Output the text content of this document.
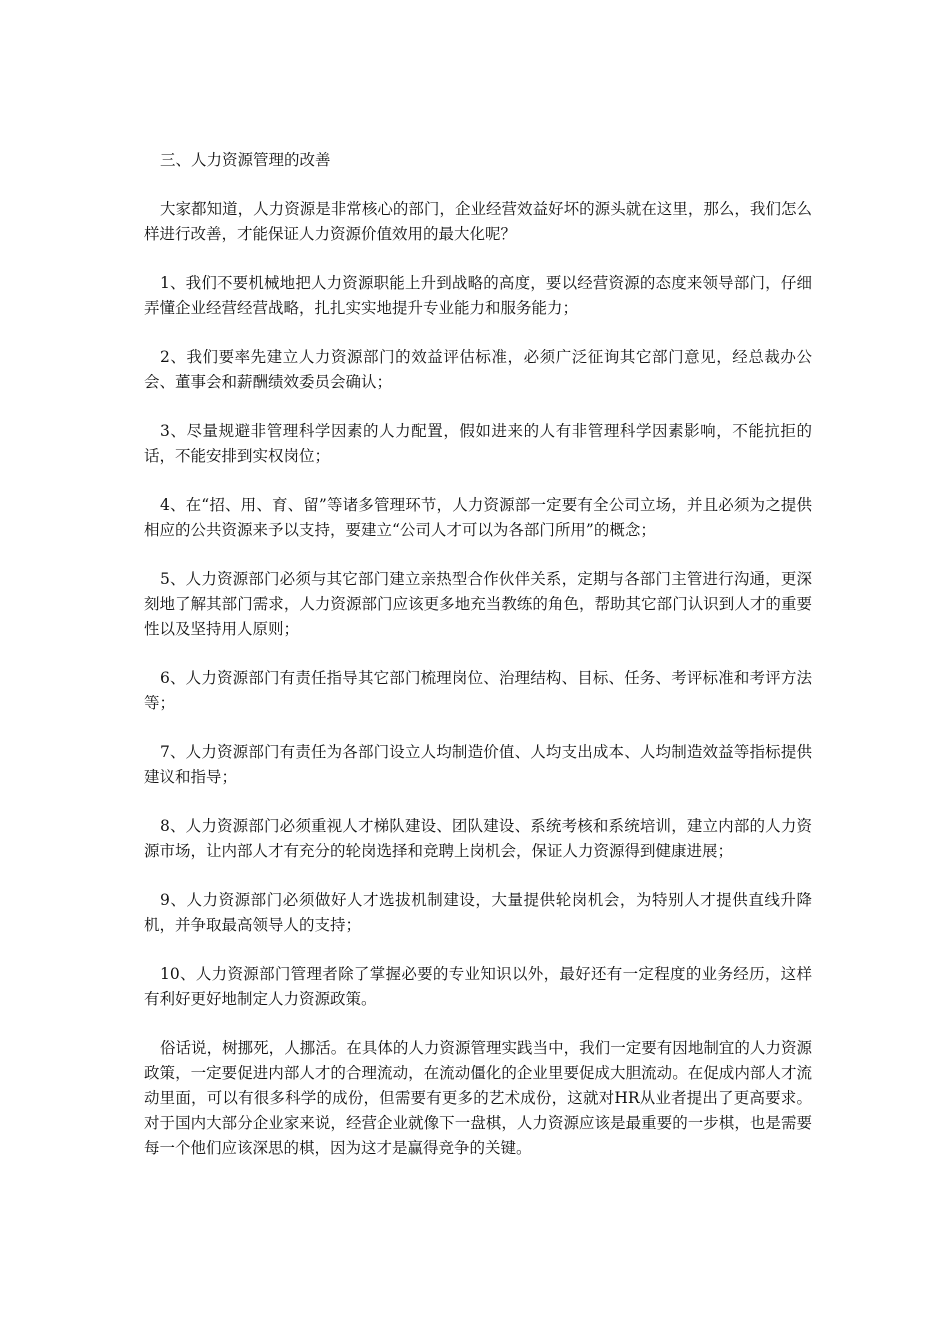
三、人力资源管理的改善

大家都知道，人力资源是非常核心的部门，企业经营效益好坏的源头就在这里，那么，我们怎么样进行改善，才能保证人力资源价值效用的最大化呢？

1、我们不要机械地把人力资源职能上升到战略的高度，要以经营资源的态度来领导部门，仔细弄懂企业经营经营战略，扎扎实实地提升专业能力和服务能力；

2、我们要率先建立人力资源部门的效益评估标准，必须广泛征询其它部门意见，经总裁办公会、董事会和薪酬绩效委员会确认；

3、尽量规避非管理科学因素的人力配置，假如进来的人有非管理科学因素影响，不能抗拒的话，不能安排到实权岗位；

4、在“招、用、育、留”等诸多管理环节，人力资源部一定要有全公司立场，并且必须为之提供相应的公共资源来予以支持，要建立“公司人才可以为各部门所用”的概念；

5、人力资源部门必须与其它部门建立亲热型合作伙伴关系，定期与各部门主管进行沟通，更深刻地了解其部门需求，人力资源部门应该更多地充当教练的角色，帮助其它部门认识到人才的重要性以及坚持用人原则；

6、人力资源部门有责任指导其它部门梳理岗位、治理结构、目标、任务、考评标准和考评方法等；

7、人力资源部门有责任为各部门设立人均制造价值、人均支出成本、人均制造效益等指标提供建议和指导；

8、人力资源部门必须重视人才梯队建设、团队建设、系统考核和系统培训，建立内部的人力资源市场，让内部人才有充分的轮岗选择和竞聘上岗机会，保证人力资源得到健康进展；

9、人力资源部门必须做好人才选拔机制建设，大量提供轮岗机会，为特别人才提供直线升降机，并争取最高领导人的支持；

10、人力资源部门管理者除了掌握必要的专业知识以外，最好还有一定程度的业务经历，这样有利好更好地制定人力资源政策。

俗话说，树挪死，人挪活。在具体的人力资源管理实践当中，我们一定要有因地制宜的人力资源政策，一定要促进内部人才的合理流动，在流动僵化的企业里要促成大胆流动。在促成内部人才流动里面，可以有很多科学的成份，但需要有更多的艺术成份，这就对HR从业者提出了更高要求。对于国内大部分企业家来说，经营企业就像下一盘棋，人力资源应该是最重要的一步棋，也是需要每一个他们应该深思的棋，因为这才是赢得竞争的关键。
